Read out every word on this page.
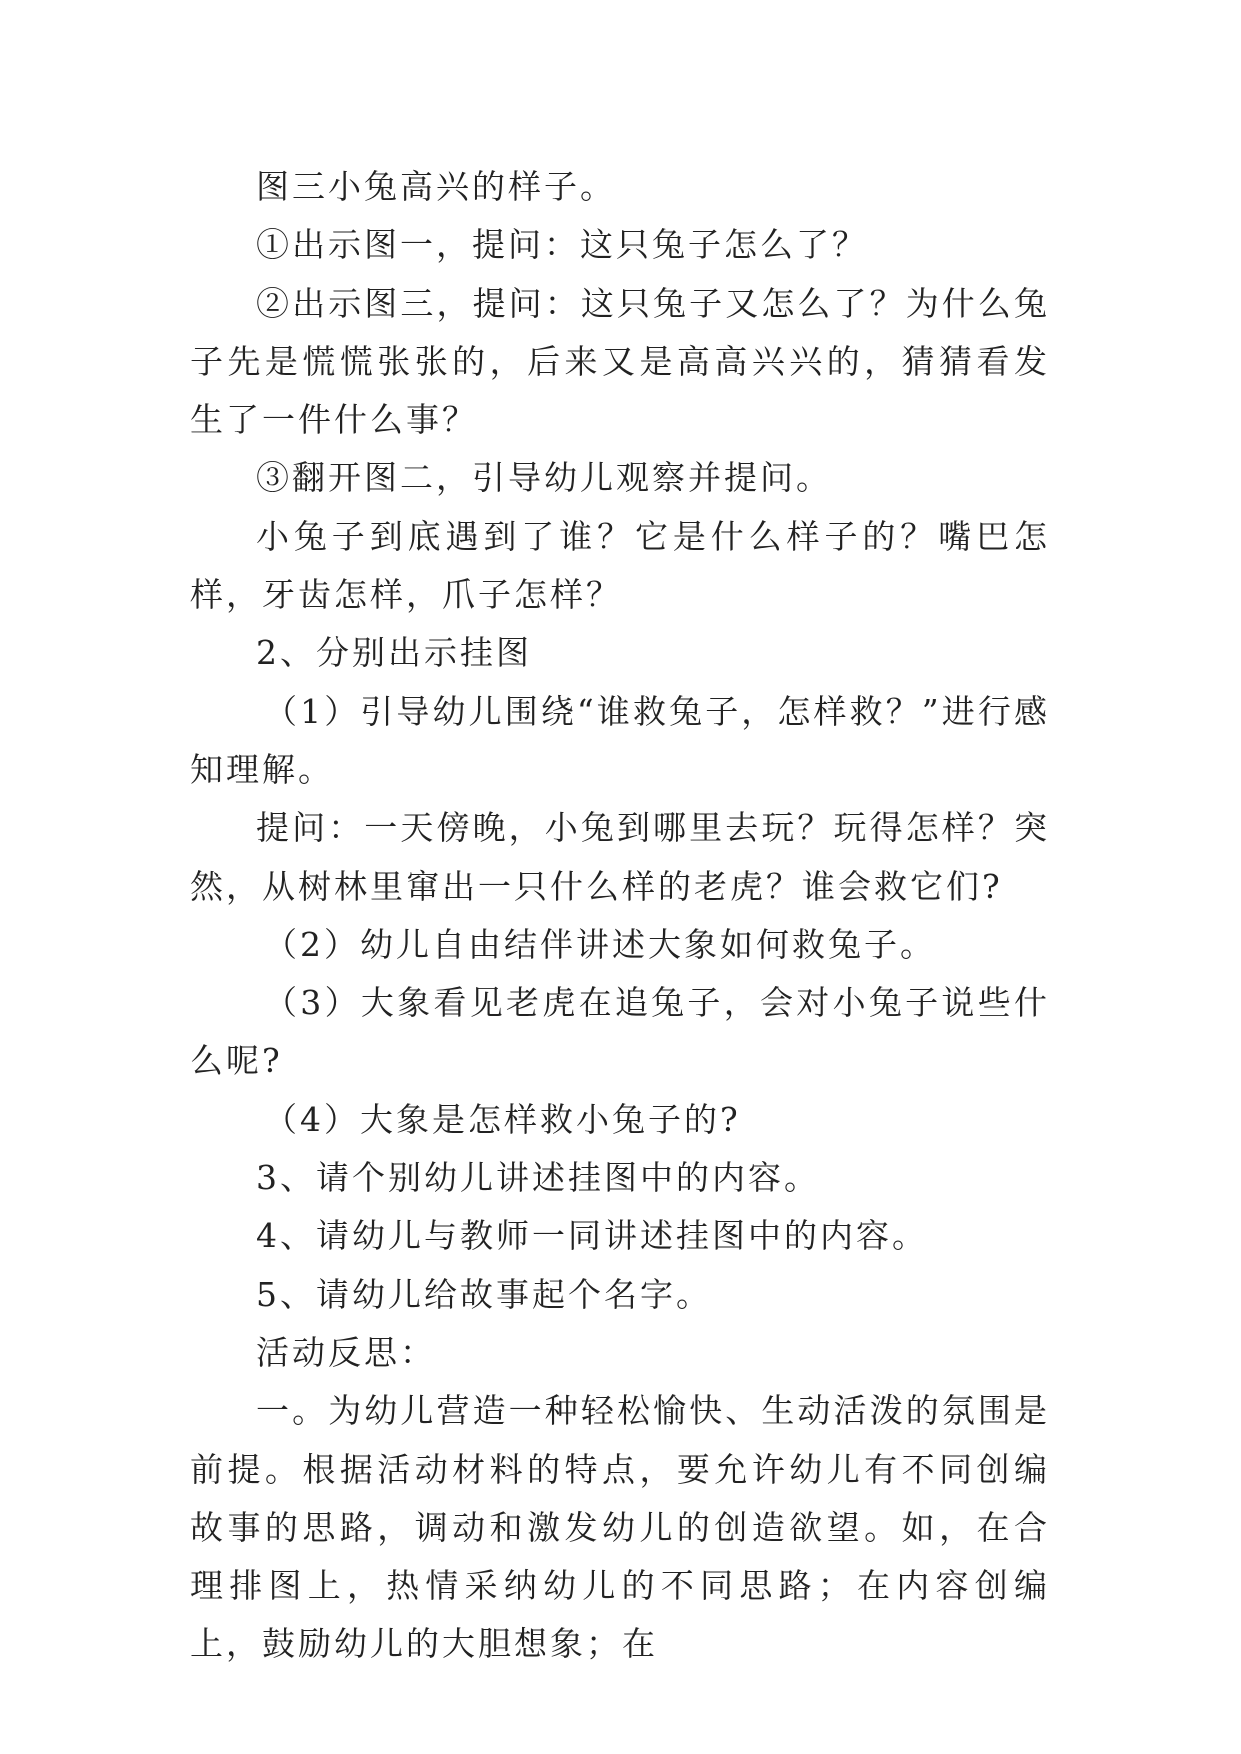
图三小兔高兴的样子。

①出示图一，提问：这只兔子怎么了？

②出示图三，提问：这只兔子又怎么了？为什么兔子先是慌慌张张的，后来又是高高兴兴的，猜猜看发生了一件什么事？

③翻开图二，引导幼儿观察并提问。

小兔子到底遇到了谁？它是什么样子的？嘴巴怎样，牙齿怎样，爪子怎样？

2、分别出示挂图

（1）引导幼儿围绕“谁救兔子，怎样救？”进行感知理解。

提问：一天傍晚，小兔到哪里去玩？玩得怎样？突然，从树林里窜出一只什么样的老虎？谁会救它们?

（2）幼儿自由结伴讲述大象如何救兔子。

（3）大象看见老虎在追兔子，会对小兔子说些什么呢?

（4）大象是怎样救小兔子的?

3、请个别幼儿讲述挂图中的内容。

4、请幼儿与教师一同讲述挂图中的内容。

5、请幼儿给故事起个名字。

活动反思：

一。为幼儿营造一种轻松愉快、生动活泼的氛围是前提。根据活动材料的特点，要允许幼儿有不同创编故事的思路，调动和激发幼儿的创造欲望。如，在合理排图上，热情采纳幼儿的不同思路；在内容创编上，鼓励幼儿的大胆想象；在
